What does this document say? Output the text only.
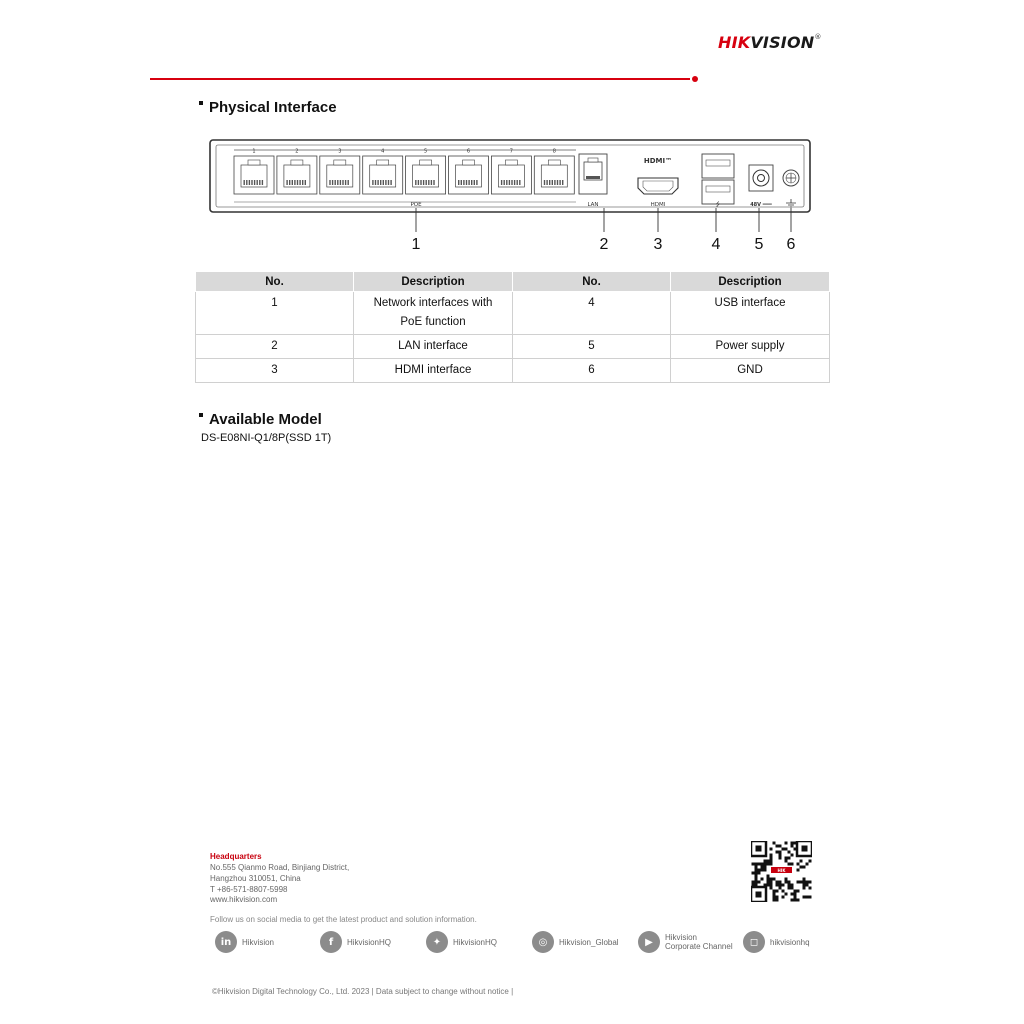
HIKVISION®
Physical Interface
1	2	3	4	5	6	7	8
POE	LAN
HDMI™
HDMI	⭍	48V ═══
1	2	3	4 5 6
No.	Description	No.	Description
1	Network interfaces with PoE function	4	USB interface
2	LAN interface	5	Power supply
3	HDMI interface	6	GND
Available Model
DS-E08NI-Q1/8P(SSD 1T)
Headquarters
No.555 Qianmo Road, Binjiang District,
Hangzhou 310051, China
T +86-571-8807-5998
www.hikvision.com
HIK
Follow us on social media to get the latest product and solution information.
in	Hikvision	f	HikvisionHQ	✦	HikvisionHQ	◎	Hikvision_Global	▶	Hikvision
Corporate Channel	◻	hikvisionhq
©Hikvision Digital Technology Co., Ltd. 2023 | Data subject to change without notice |
